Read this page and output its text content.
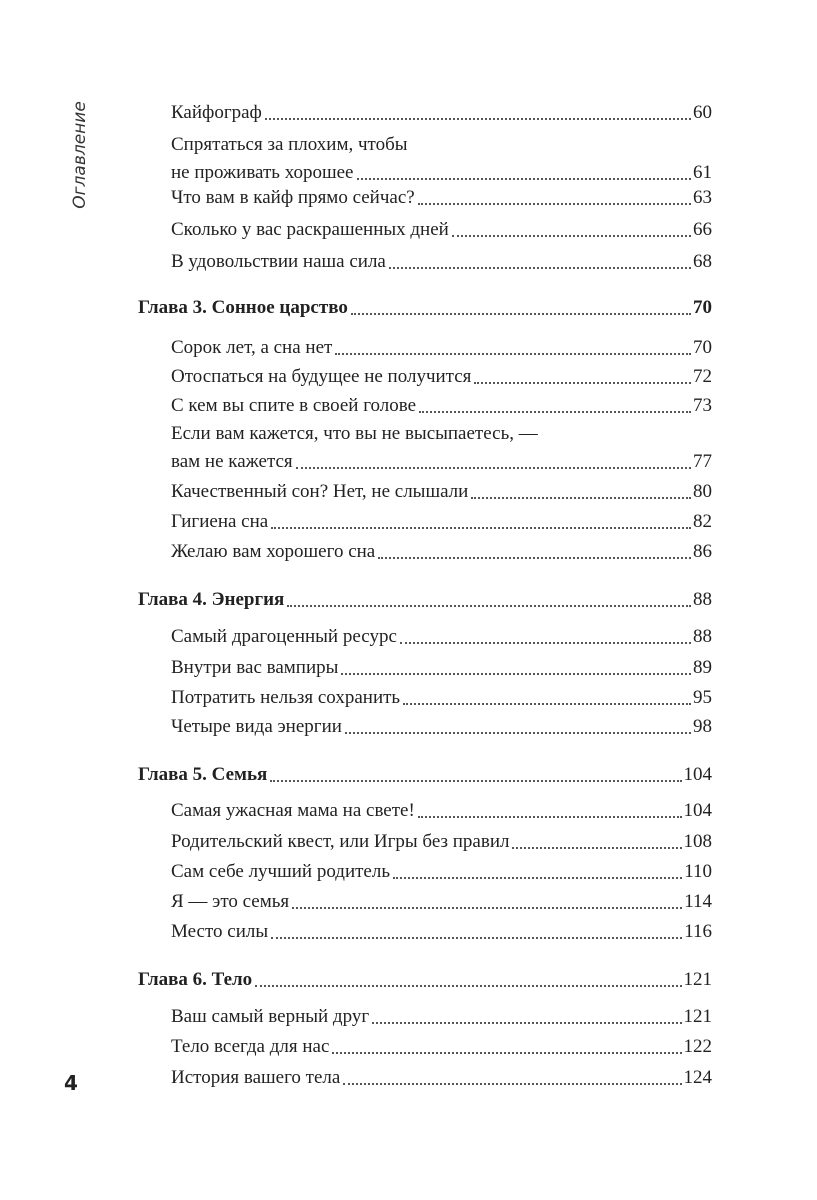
Оглавление
4
Кайфограф	60
Спрятаться за плохим, чтобы
не проживать хорошее	61
Что вам в кайф прямо сейчас?	63
Сколько у вас раскрашенных дней	66
В удовольствии наша сила	68
Глава 3. Сонное царство	70
Сорок лет, а сна нет	70
Отоспаться на будущее не получится	72
С кем вы спите в своей голове	73
Если вам кажется, что вы не высыпаетесь, —
вам не кажется	77
Качественный сон? Нет, не слышали	80
Гигиена сна	82
Желаю вам хорошего сна	86
Глава 4. Энергия	88
Самый драгоценный ресурс	88
Внутри вас вампиры	89
Потратить нельзя сохранить	95
Четыре вида энергии	98
Глава 5. Семья	104
Самая ужасная мама на свете!	104
Родительский квест, или Игры без правил	108
Сам себе лучший родитель	110
Я — это семья	114
Место силы	116
Глава 6. Тело	121
Ваш самый верный друг	121
Тело всегда для нас	122
История вашего тела	124
